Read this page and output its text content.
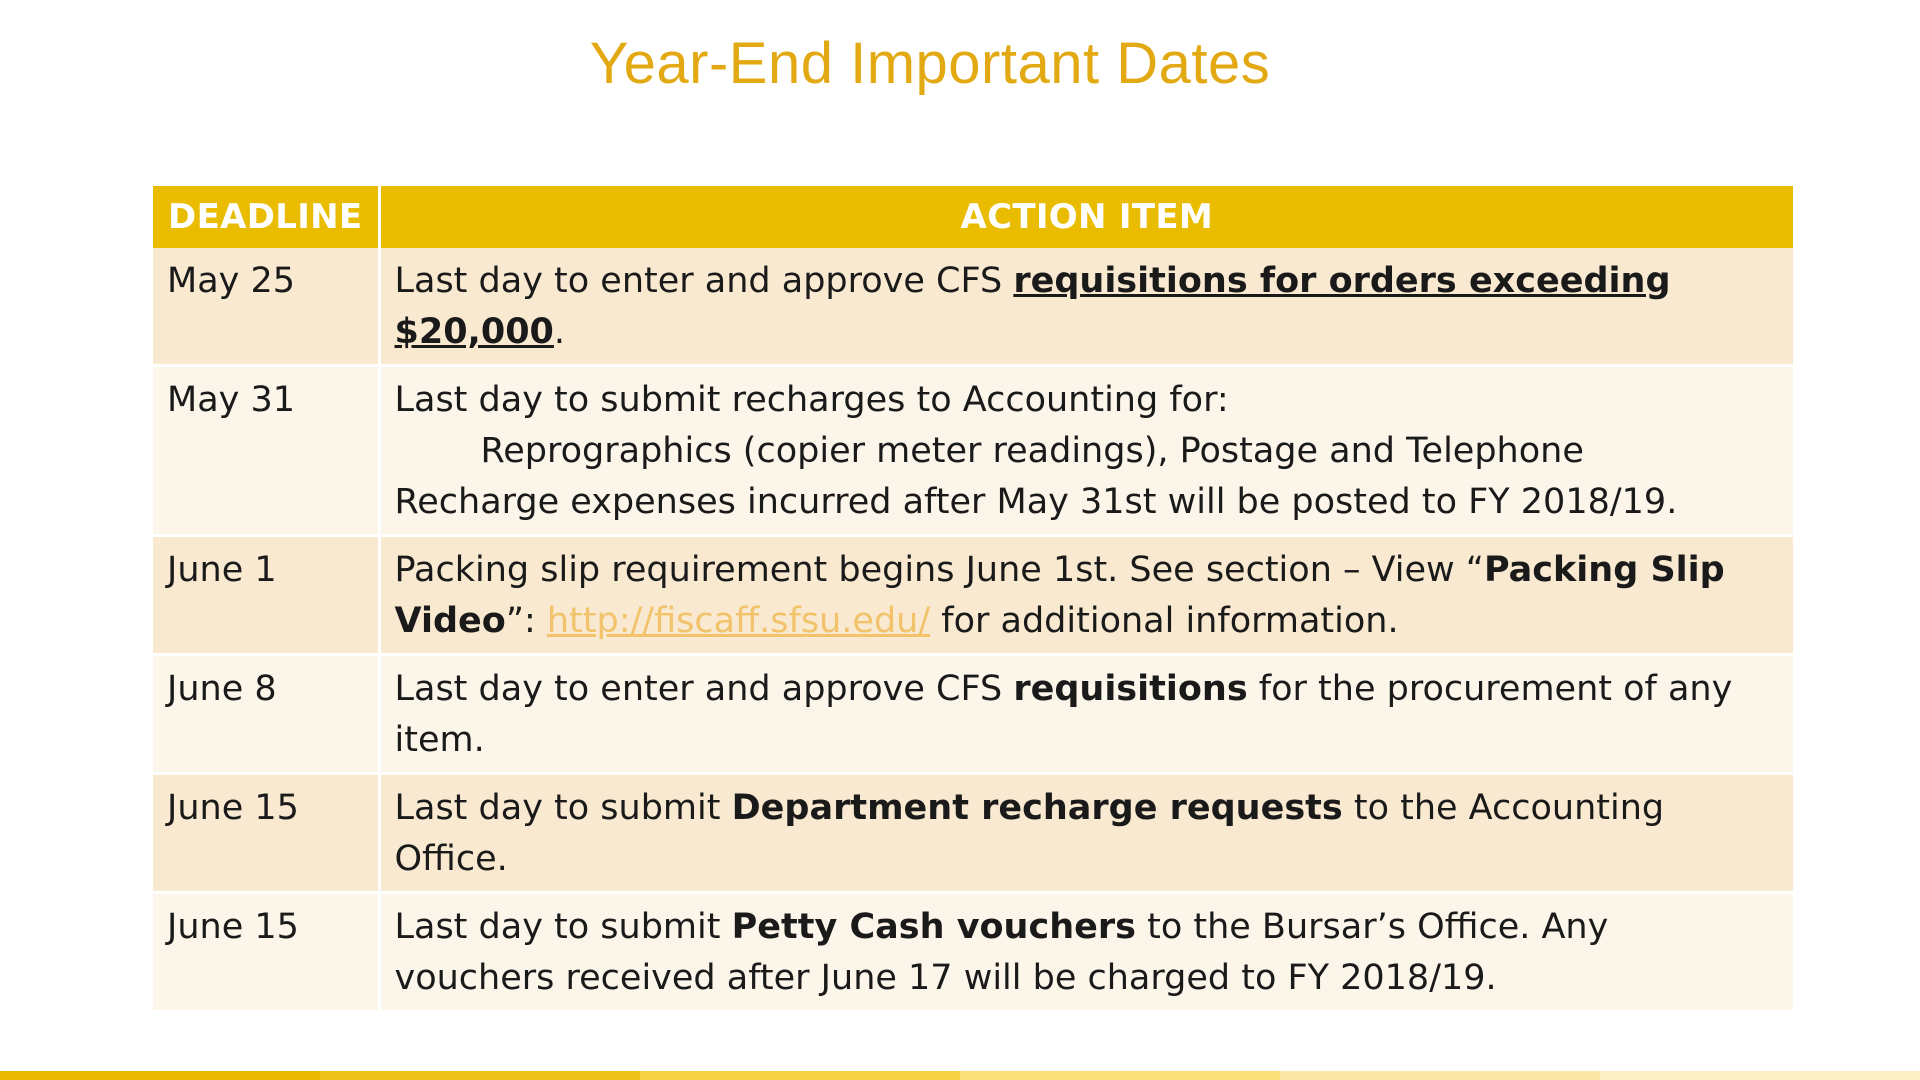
Year-End Important Dates
DEADLINE	ACTION ITEM
May 25	Last day to enter and approve CFS requisitions for orders exceeding $20,000.
May 31	Last day to submit recharges to Accounting for:
Reprographics (copier meter readings), Postage and Telephone
Recharge expenses incurred after May 31st will be posted to FY 2018/19.

June 1	Packing slip requirement begins June 1st. See section – View “Packing Slip Video”: http://fiscaff.sfsu.edu/ for additional information.
June 8	Last day to enter and approve CFS requisitions for the procurement of any item.
June 15	Last day to submit Department recharge requests to the Accounting Office.
June 15	Last day to submit Petty Cash vouchers to the Bursar’s Office. Any vouchers received after June 17 will be charged to FY 2018/19.
